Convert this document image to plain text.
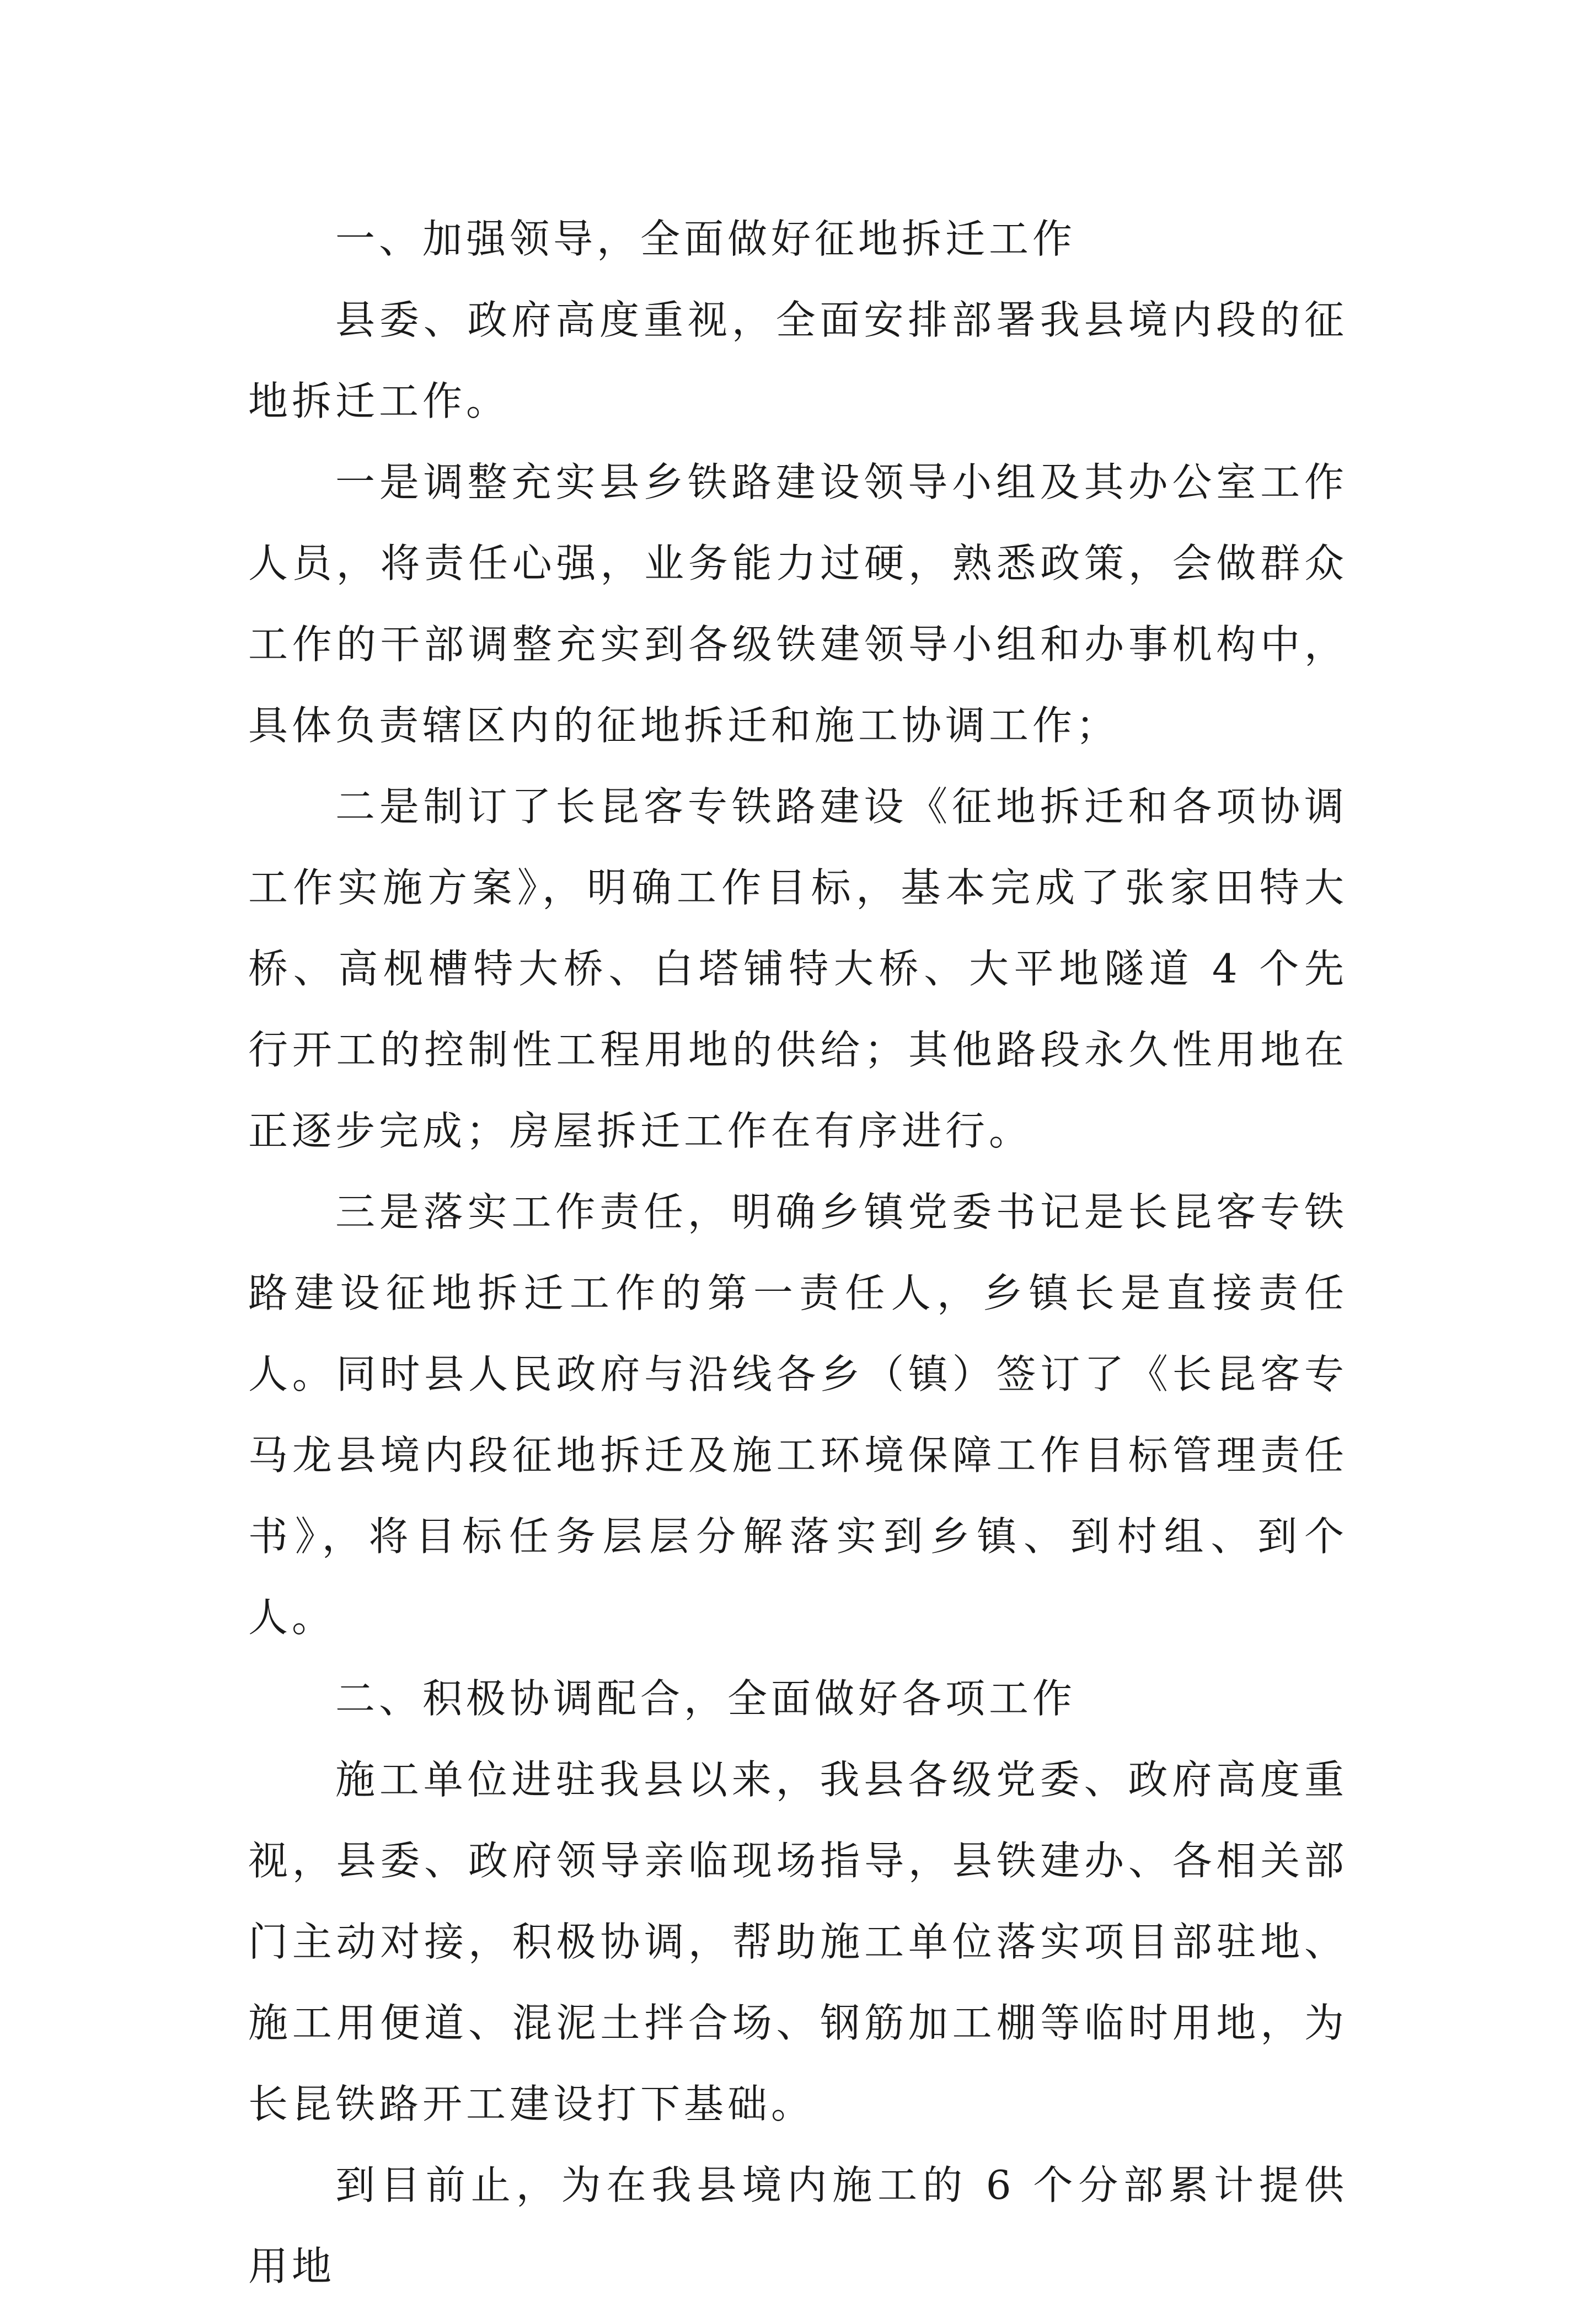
一、加强领导，全面做好征地拆迁工作

县委、政府高度重视，全面安排部署我县境内段的征地拆迁工作。

一是调整充实县乡铁路建设领导小组及其办公室工作人员，将责任心强，业务能力过硬，熟悉政策，会做群众工作的干部调整充实到各级铁建领导小组和办事机构中，具体负责辖区内的征地拆迁和施工协调工作；

二是制订了长昆客专铁路建设《征地拆迁和各项协调工作实施方案》，明确工作目标，基本完成了张家田特大桥、高枧槽特大桥、白塔铺特大桥、大平地隧道 4 个先行开工的控制性工程用地的供给；其他路段永久性用地在正逐步完成；房屋拆迁工作在有序进行。

三是落实工作责任，明确乡镇党委书记是长昆客专铁路建设征地拆迁工作的第一责任人，乡镇长是直接责任人。同时县人民政府与沿线各乡（镇）签订了《长昆客专马龙县境内段征地拆迁及施工环境保障工作目标管理责任书》，将目标任务层层分解落实到乡镇、到村组、到个人。

二、积极协调配合，全面做好各项工作

施工单位进驻我县以来，我县各级党委、政府高度重视，县委、政府领导亲临现场指导，县铁建办、各相关部门主动对接，积极协调，帮助施工单位落实项目部驻地、施工用便道、混泥土拌合场、钢筋加工棚等临时用地，为长昆铁路开工建设打下基础。

到目前止，为在我县境内施工的 6 个分部累计提供用地
